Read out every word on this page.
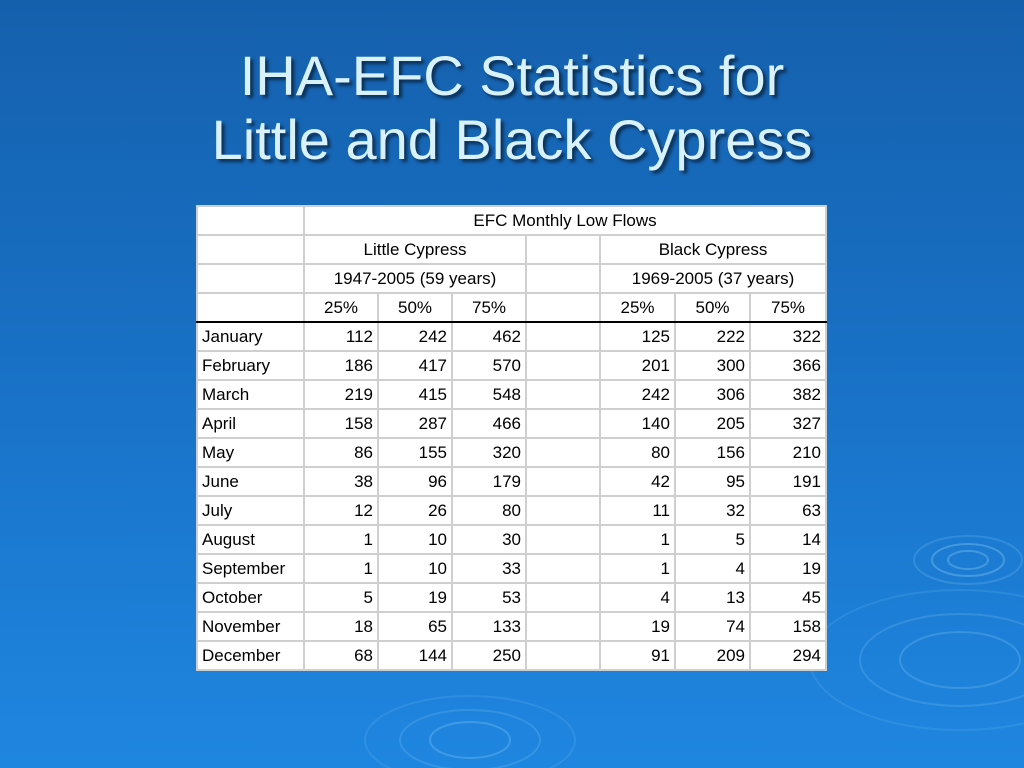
IHA-EFC Statistics for
Little and Black Cypress
	EFC Monthly Low Flows						
	Little Cypress				Black Cypress		
	1947-2005 (59 years)				1969-2005 (37 years)		
	25%	50%	75%		25%	50%	75%
January	112	242	462		125	222	322
February	186	417	570		201	300	366
March	219	415	548		242	306	382
April	158	287	466		140	205	327
May	86	155	320		80	156	210
June	38	96	179		42	95	191
July	12	26	80		11	32	63
August	1	10	30		1	5	14
September	1	10	33		1	4	19
October	5	19	53		4	13	45
November	18	65	133		19	74	158
December	68	144	250		91	209	294
